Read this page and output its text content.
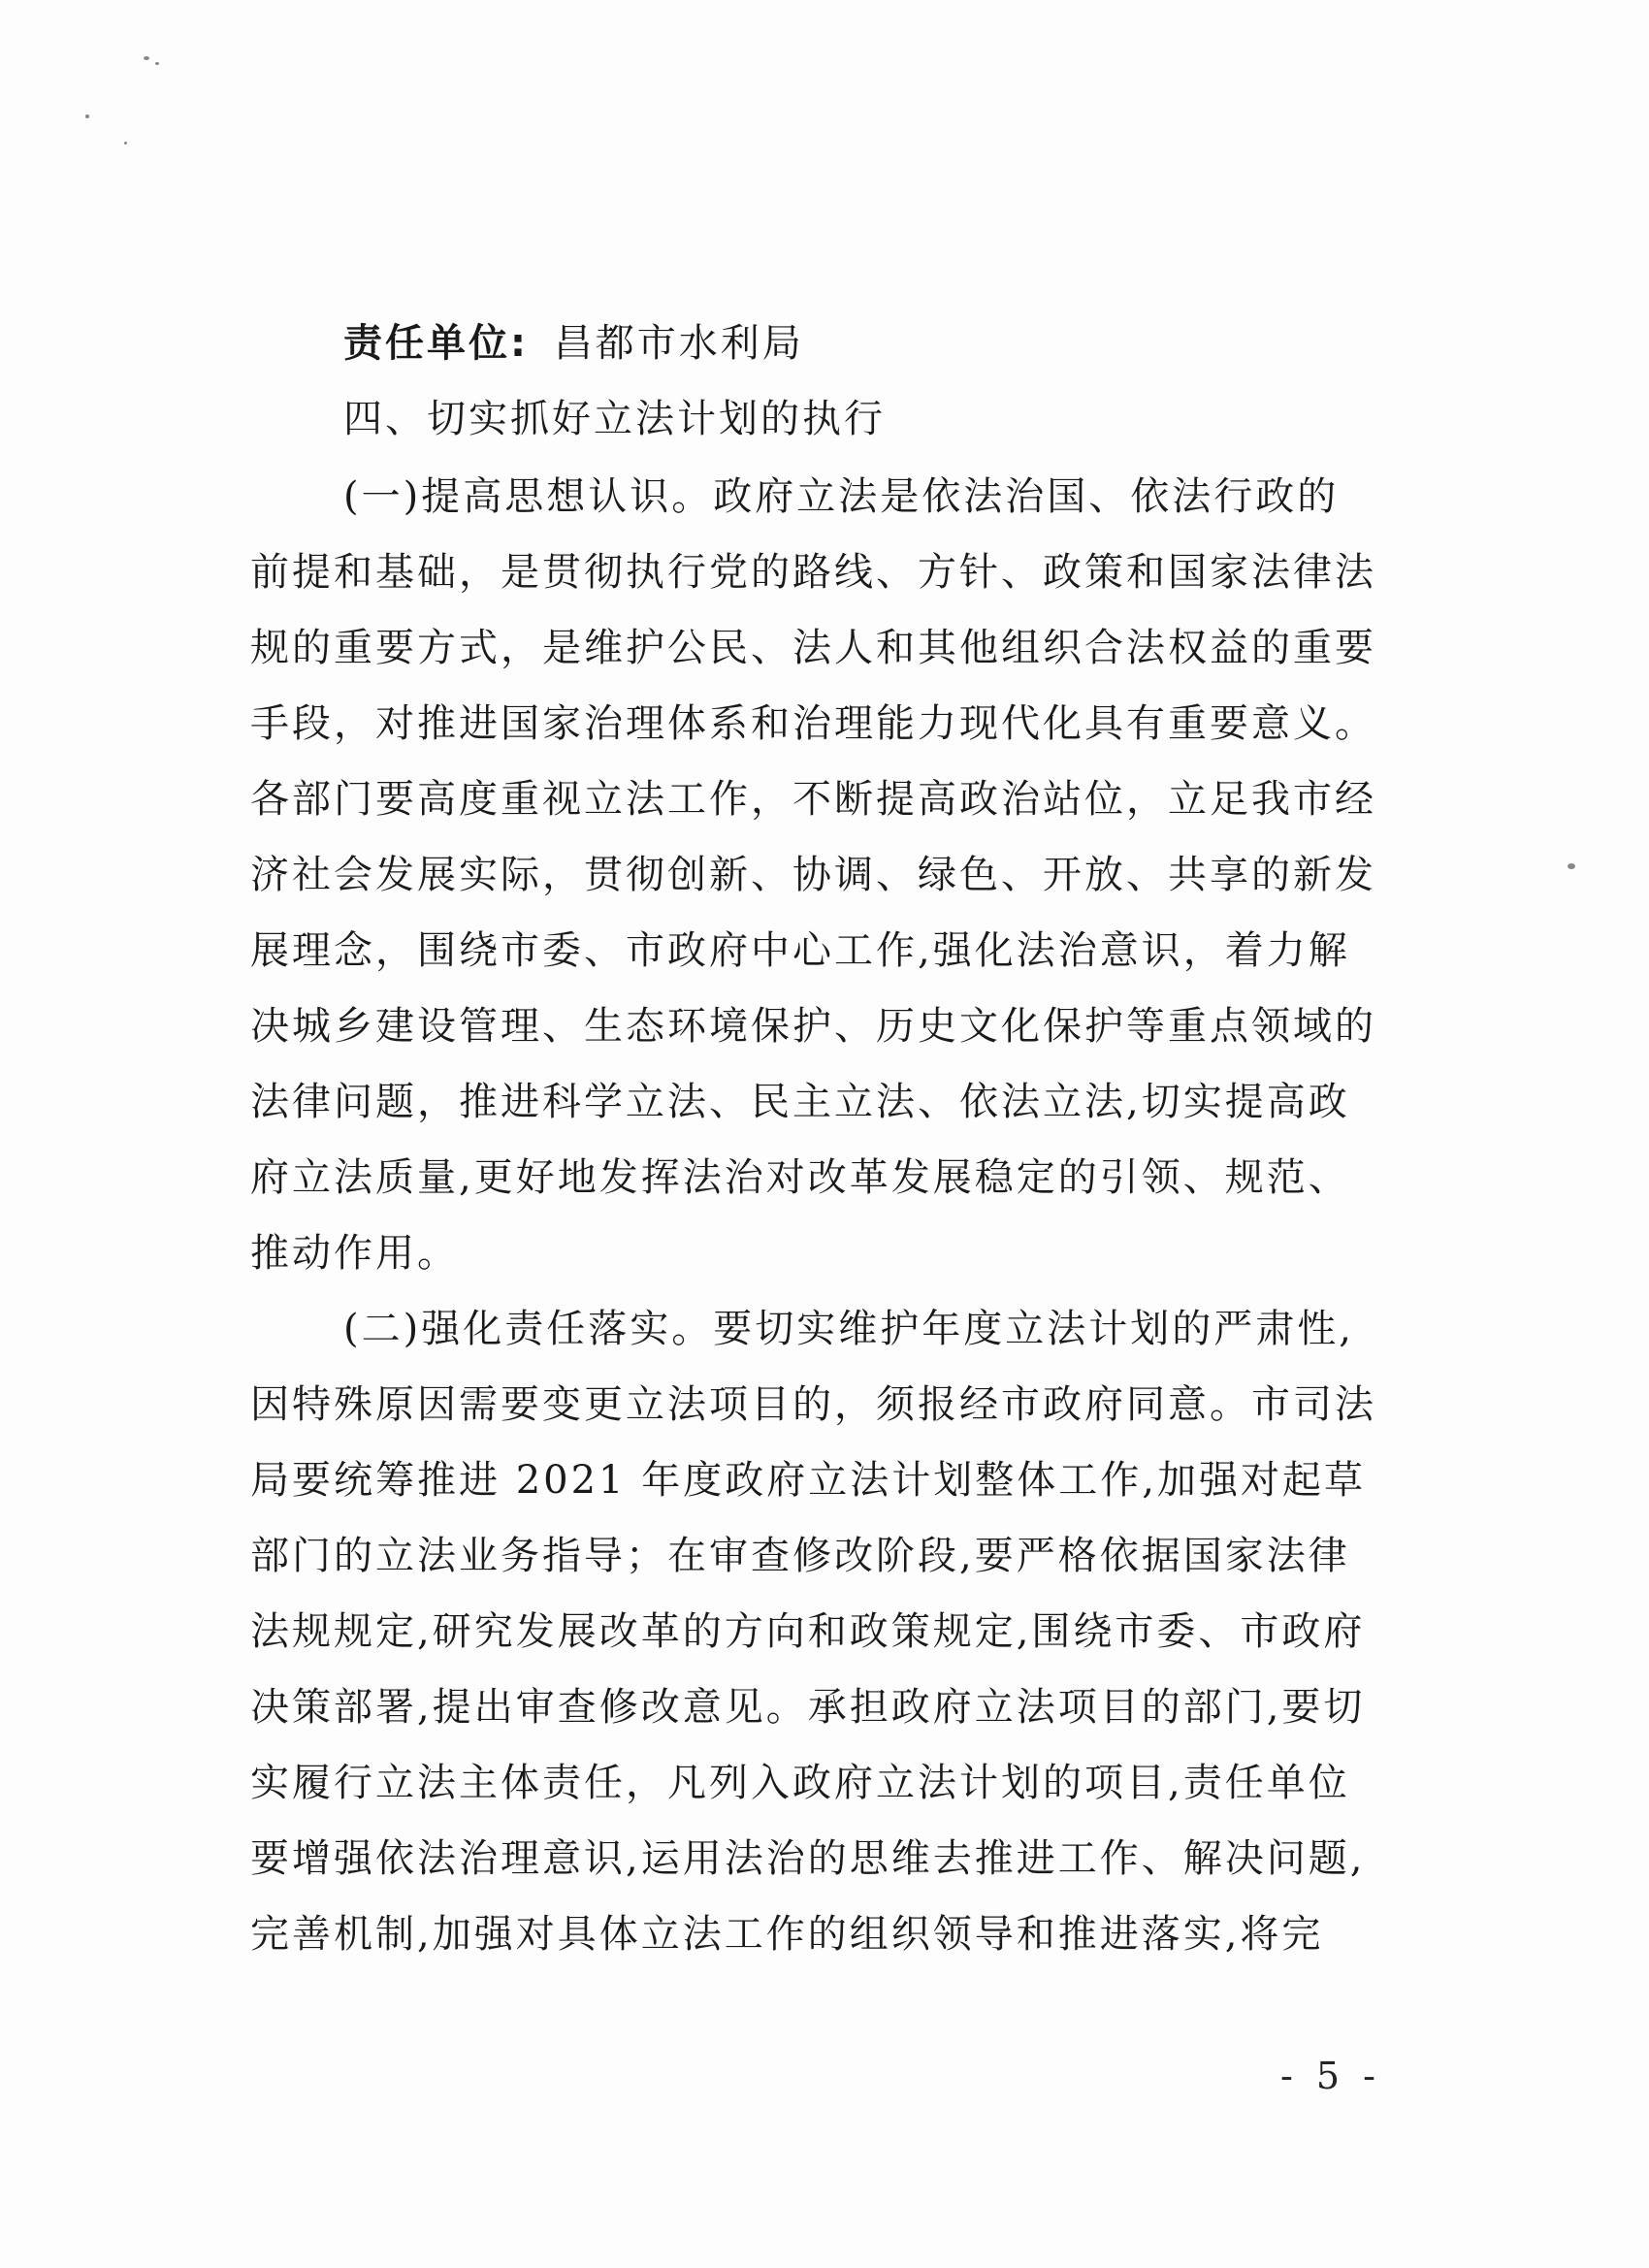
责任单位: 昌都市水利局
四、切实抓好立法计划的执行
(一)提高思想认识。政府立法是依法治国、依法行政的
前提和基础，是贯彻执行党的路线、方针、政策和国家法律法
规的重要方式，是维护公民、法人和其他组织合法权益的重要
手段，对推进国家治理体系和治理能力现代化具有重要意义。
各部门要高度重视立法工作，不断提高政治站位，立足我市经
济社会发展实际，贯彻创新、协调、绿色、开放、共享的新发
展理念，围绕市委、市政府中心工作,强化法治意识，着力解
决城乡建设管理、生态环境保护、历史文化保护等重点领域的
法律问题，推进科学立法、民主立法、依法立法,切实提高政
府立法质量,更好地发挥法治对改革发展稳定的引领、规范、
推动作用。
(二)强化责任落实。要切实维护年度立法计划的严肃性,
因特殊原因需要变更立法项目的，须报经市政府同意。市司法
局要统筹推进 2021 年度政府立法计划整体工作,加强对起草
部门的立法业务指导；在审查修改阶段,要严格依据国家法律
法规规定,研究发展改革的方向和政策规定,围绕市委、市政府
决策部署,提出审查修改意见。承担政府立法项目的部门,要切
实履行立法主体责任，凡列入政府立法计划的项目,责任单位
要增强依法治理意识,运用法治的思维去推进工作、解决问题,
完善机制,加强对具体立法工作的组织领导和推进落实,将完
- 5 -
